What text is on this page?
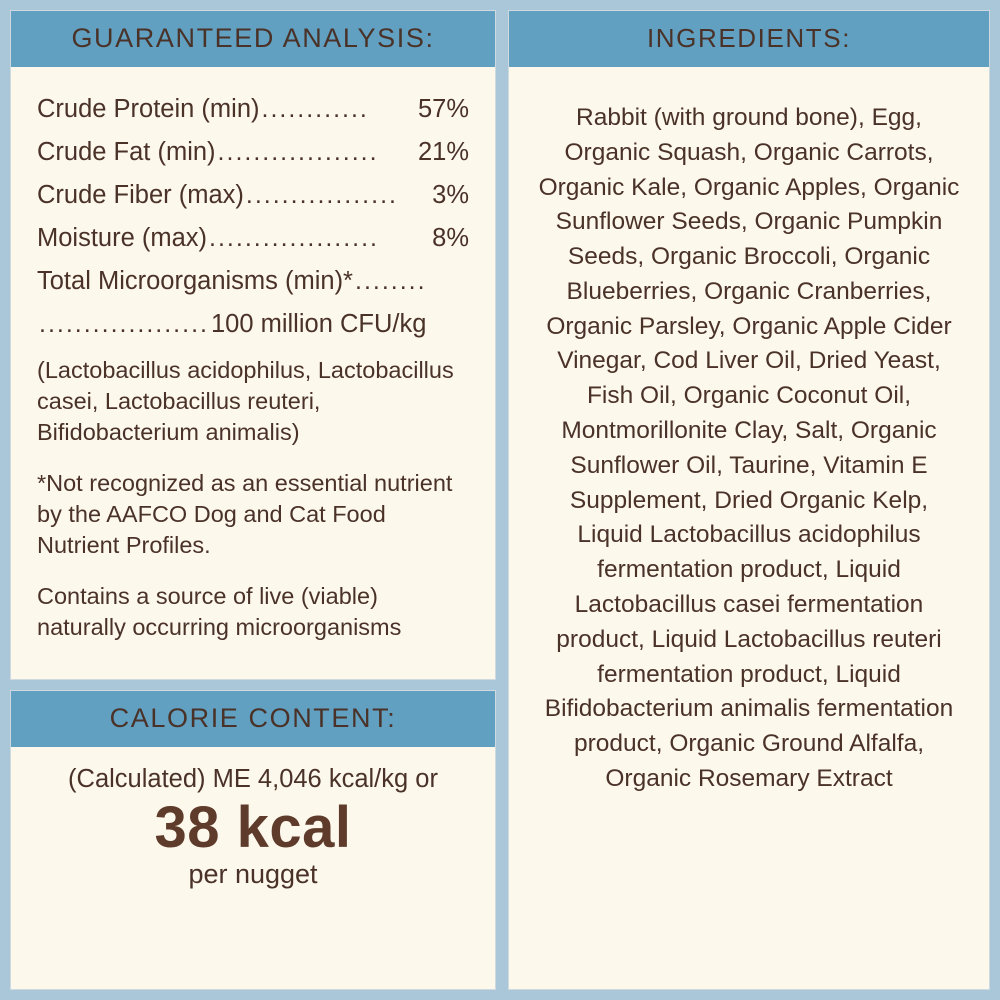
GUARANTEED ANALYSIS:
Crude Protein (min) ............	57%
Crude Fat (min) ..................	21%
Crude Fiber (max) .................	3%
Moisture (max) ...................	8%
Total Microorganisms (min)* ........
................... 100 million CFU/kg

(Lactobacillus acidophilus, Lactobacillus casei, Lactobacillus reuteri, Bifidobacterium animalis)

*Not recognized as an essential nutrient by the AAFCO Dog and Cat Food Nutrient Profiles.

Contains a source of live (viable) naturally occurring microorganisms

CALORIE CONTENT:
(Calculated) ME 4,046 kcal/kg or
38 kcal
per nugget
INGREDIENTS:
Rabbit (with ground bone), Egg, Organic Squash, Organic Carrots, Organic Kale, Organic Apples, Organic Sunflower Seeds, Organic Pumpkin Seeds, Organic Broccoli, Organic Blueberries, Organic Cranberries, Organic Parsley, Organic Apple Cider Vinegar, Cod Liver Oil, Dried Yeast, Fish Oil, Organic Coconut Oil, Montmorillonite Clay, Salt, Organic Sunflower Oil, Taurine, Vitamin E Supplement, Dried Organic Kelp, Liquid Lactobacillus acidophilus fermentation product, Liquid Lactobacillus casei fermentation product, Liquid Lactobacillus reuteri fermentation product, Liquid Bifidobacterium animalis fermentation product, Organic Ground Alfalfa, Organic Rosemary Extract
